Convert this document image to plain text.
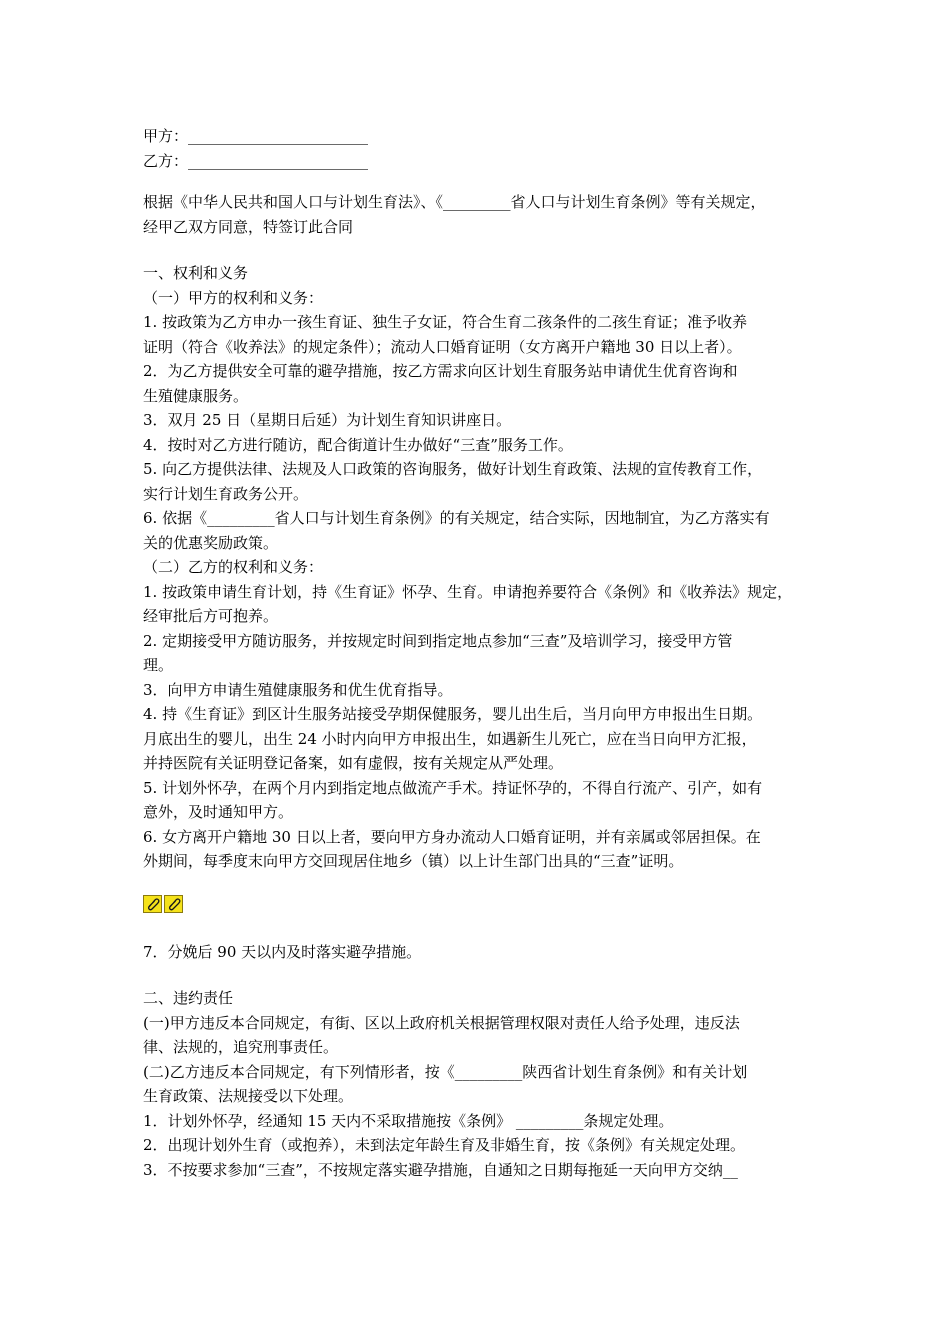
甲方：________________________

乙方：________________________

根据《中华人民共和国人口与计划生育法》、《_________省人口与计划生育条例》等有关规定，

经甲乙双方同意，特签订此合同

一、权利和义务

（一）甲方的权利和义务：

1. 按政策为乙方申办一孩生育证、独生子女证，符合生育二孩条件的二孩生育证；准予收养

证明（符合《收养法》的规定条件）；流动人口婚育证明（女方离开户籍地 30 日以上者）。

2．为乙方提供安全可靠的避孕措施，按乙方需求向区计划生育服务站申请优生优育咨询和

生殖健康服务。

3．双月 25 日（星期日后延）为计划生育知识讲座日。

4．按时对乙方进行随访，配合街道计生办做好“三查”服务工作。

5. 向乙方提供法律、法规及人口政策的咨询服务，做好计划生育政策、法规的宣传教育工作，

实行计划生育政务公开。

6. 依据《_________省人口与计划生育条例》的有关规定，结合实际，因地制宜，为乙方落实有

关的优惠奖励政策。

（二）乙方的权利和义务：

1. 按政策申请生育计划，持《生育证》怀孕、生育。申请抱养要符合《条例》和《收养法》规定，

经审批后方可抱养。

2. 定期接受甲方随访服务，并按规定时间到指定地点参加“三查”及培训学习，接受甲方管

理。

3．向甲方申请生殖健康服务和优生优育指导。

4. 持《生育证》到区计生服务站接受孕期保健服务，婴儿出生后，当月向甲方申报出生日期。

月底出生的婴儿，出生 24 小时内向甲方申报出生，如遇新生儿死亡，应在当日向甲方汇报，

并持医院有关证明登记备案，如有虚假，按有关规定从严处理。

5. 计划外怀孕，在两个月内到指定地点做流产手术。持证怀孕的，不得自行流产、引产，如有

意外，及时通知甲方。

6. 女方离开户籍地 30 日以上者，要向甲方身办流动人口婚育证明，并有亲属或邻居担保。在

外期间，每季度末向甲方交回现居住地乡（镇）以上计生部门出具的“三查”证明。

7．分娩后 90 天以内及时落实避孕措施。

二、违约责任

(一)甲方违反本合同规定，有街、区以上政府机关根据管理权限对责任人给予处理，违反法

律、法规的，追究刑事责任。

(二)乙方违反本合同规定，有下列情形者，按《_________陕西省计划生育条例》和有关计划

生育政策、法规接受以下处理。

1．计划外怀孕，经通知 15 天内不采取措施按《条例》 _________条规定处理。

2．出现计划外生育（或抱养），未到法定年龄生育及非婚生育，按《条例》有关规定处理。

3．不按要求参加“三查”，不按规定落实避孕措施，自通知之日期每拖延一天向甲方交纳__
